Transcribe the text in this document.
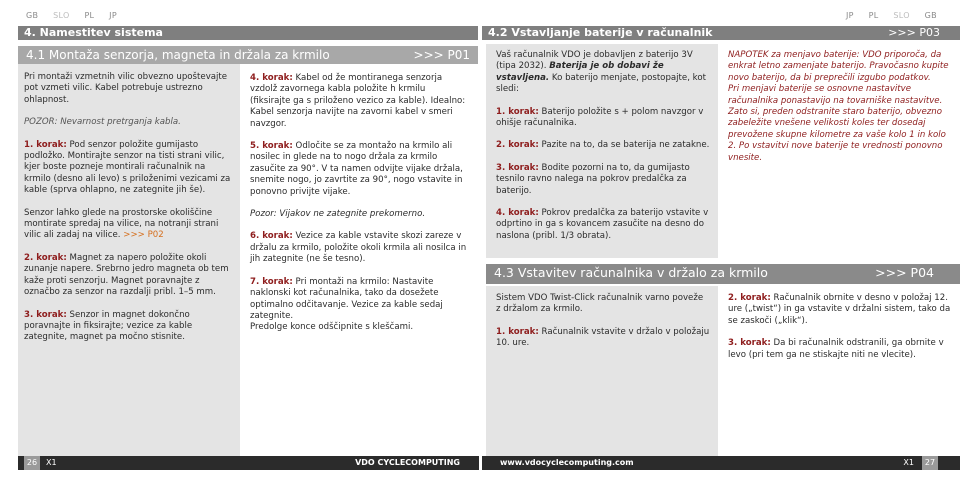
GB SLO PL JP
4. Namestitev sistema
4.1 Montaža senzorja, magneta in držala za krmilo	>>> P01

Pri montaži vzmetnih vilic obvezno upoštevajte pot vzmeti vilic. Kabel potrebuje ustrezno ohlapnost.

POZOR: Nevarnost pretrganja kabla.

1. korak: Pod senzor položite gumijasto podložko. Montirajte senzor na tisti strani vilic, kjer boste pozneje montirali računalnik na krmilo (desno ali levo) s priloženimi vezicami za kable (sprva ohlapno, ne zategnite jih še).

Senzor lahko glede na prostorske okoliščine montirate spredaj na vilice, na notranji strani vilic ali zadaj na vilice. >>> P02

2. korak: Magnet za napero položite okoli zunanje napere. Srebrno jedro magneta ob tem kaže proti senzorju. Magnet poravnajte z označbo za senzor na razdalji pribl. 1–5 mm.

3. korak: Senzor in magnet dokončno poravnajte in fiksirajte; vezice za kable zategnite, magnet pa močno stisnite.

4. korak: Kabel od že montiranega senzorja vzdolž zavornega kabla položite h krmilu (fiksirajte ga s priloženo vezico za kable). Idealno: Kabel senzorja navijte na zavorni kabel v smeri navzgor.

5. korak: Odločite se za montažo na krmilo ali nosilec in glede na to nogo držala za krmilo zasučite za 90°. V ta namen odvijte vijake držala, snemite nogo, jo zavrtite za 90°, nogo vstavite in ponovno privijte vijake.

Pozor: Vijakov ne zategnite prekomerno.

6. korak: Vezice za kable vstavite skozi zareze v držalu za krmilo, položite okoli krmila ali nosilca in jih zategnite (ne še tesno).

7. korak: Pri montaži na krmilo: Nastavite naklonski kot računalnika, tako da dosežete optimalno odčitavanje. Vezice za kable sedaj zategnite.
Predolge konce odščipnite s kleščami.

26	X1	VDO CYCLECOMPUTING
JP PL SLO GB
4.2 Vstavljanje baterije v računalnik	>>> P03

Vaš računalnik VDO je dobavljen z baterijo 3V (tipa 2032). Baterija je ob dobavi že vstavljena. Ko baterijo menjate, postopajte, kot sledi:

1. korak: Baterijo položite s + polom navzgor v ohišje računalnika.

2. korak: Pazite na to, da se baterija ne zatakne.

3. korak: Bodite pozorni na to, da gumijasto tesnilo ravno nalega na pokrov predalčka za baterijo.

4. korak: Pokrov predalčka za baterijo vstavite v odprtino in ga s kovancem zasučite na desno do naslona (pribl. 1/3 obrata).

NAPOTEK za menjavo baterije: VDO priporoča, da enkrat letno zamenjate baterijo. Pravočasno kupite novo baterijo, da bi preprečili izgubo podatkov.

Pri menjavi baterije se osnovne nastavitve računalnika ponastavijo na tovarniške nastavitve. Zato si, preden odstranite staro baterijo, obvezno zabeležite vnešene velikosti koles ter dosedaj prevožene skupne kilometre za vaše kolo 1 in kolo 2. Po vstavitvi nove baterije te vrednosti ponovno vnesite.

4.3 Vstavitev računalnika v držalo za krmilo	>>> P04

Sistem VDO Twist-Click računalnik varno poveže z držalom za krmilo.

1. korak: Računalnik vstavite v držalo v položaju 10. ure.

2. korak: Računalnik obrnite v desno v položaj 12. ure („twist“) in ga vstavite v držalni sistem, tako da se zaskoči („klik“).

3. korak: Da bi računalnik odstranili, ga obrnite v levo (pri tem ga ne stiskajte niti ne vlecite).

www.vdocyclecomputing.com	X1	27
